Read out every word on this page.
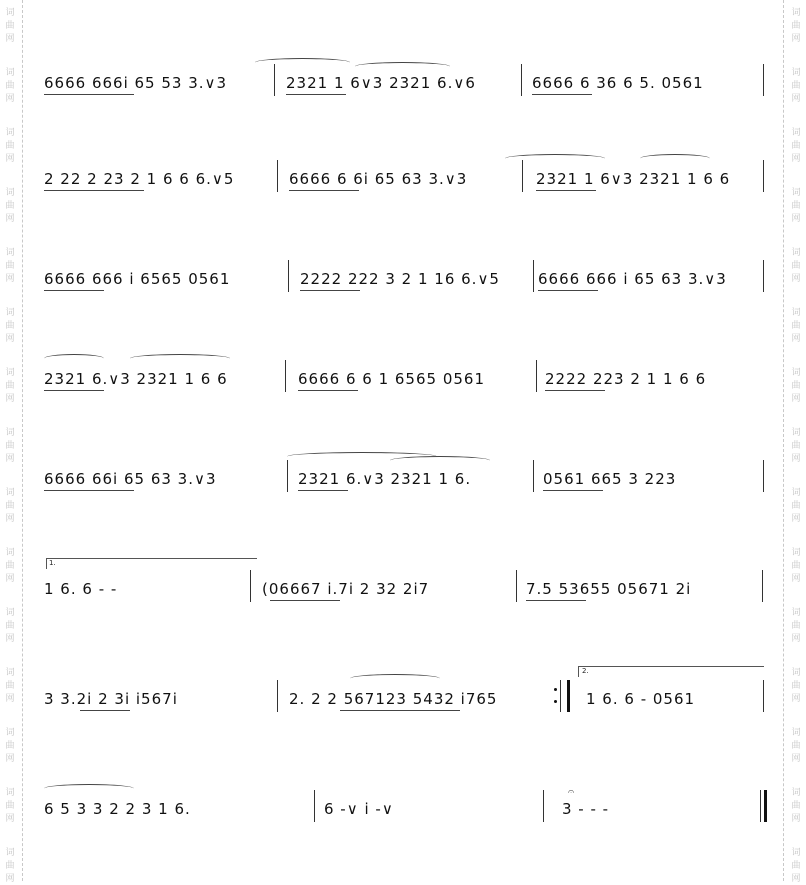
词
曲
网
词
曲
网
词
曲
网
词
曲
网
词
曲
网
词
曲
网
词
曲
网
词
曲
网
词
曲
网
词
曲
网
词
曲
网
词
曲
网
词
曲
网
词
曲
网
词
曲
网
词
曲
网
词
曲
网
词
曲
网
词
曲
网
词
曲
网
词
曲
网
词
曲
网
词
曲
网
词
曲
网
词
曲
网
词
曲
网
词
曲
网
词
曲
网
词
曲
网
词
曲
网
6666 666i 65 53 3.∨3	2321 1 6∨3 2321 6.∨6	6666 6 36 6 5. 0561
2 22 2 23 2 1 6 6 6.∨5	6666 6 6i 65 63 3.∨3	2321 1 6∨3 2321 1 6 6
6666 666 i 6565 0561	2222 222 3 2 1 16 6.∨5	6666 666 i 65 63 3.∨3
2321 6.∨3 2321 1 6 6	6666 6 6 1 6565 0561	2222 223 2 1 1 6 6
6666 66i 65 63 3.∨3	2321 6.∨3 2321 1 6.	0561 665 3 223
1.
1 6. 6 - -	(06667 i.7i 2 32 2i7	7.5 53655 05671 2i
2.
3 3.2i 2 3i i567i	2. 2 2 567123 5432 i765	1 6. 6 - 0561
6 5 3 3 2 2 3 1 6.	6 -∨ i -∨	3 - - -
𝄐
